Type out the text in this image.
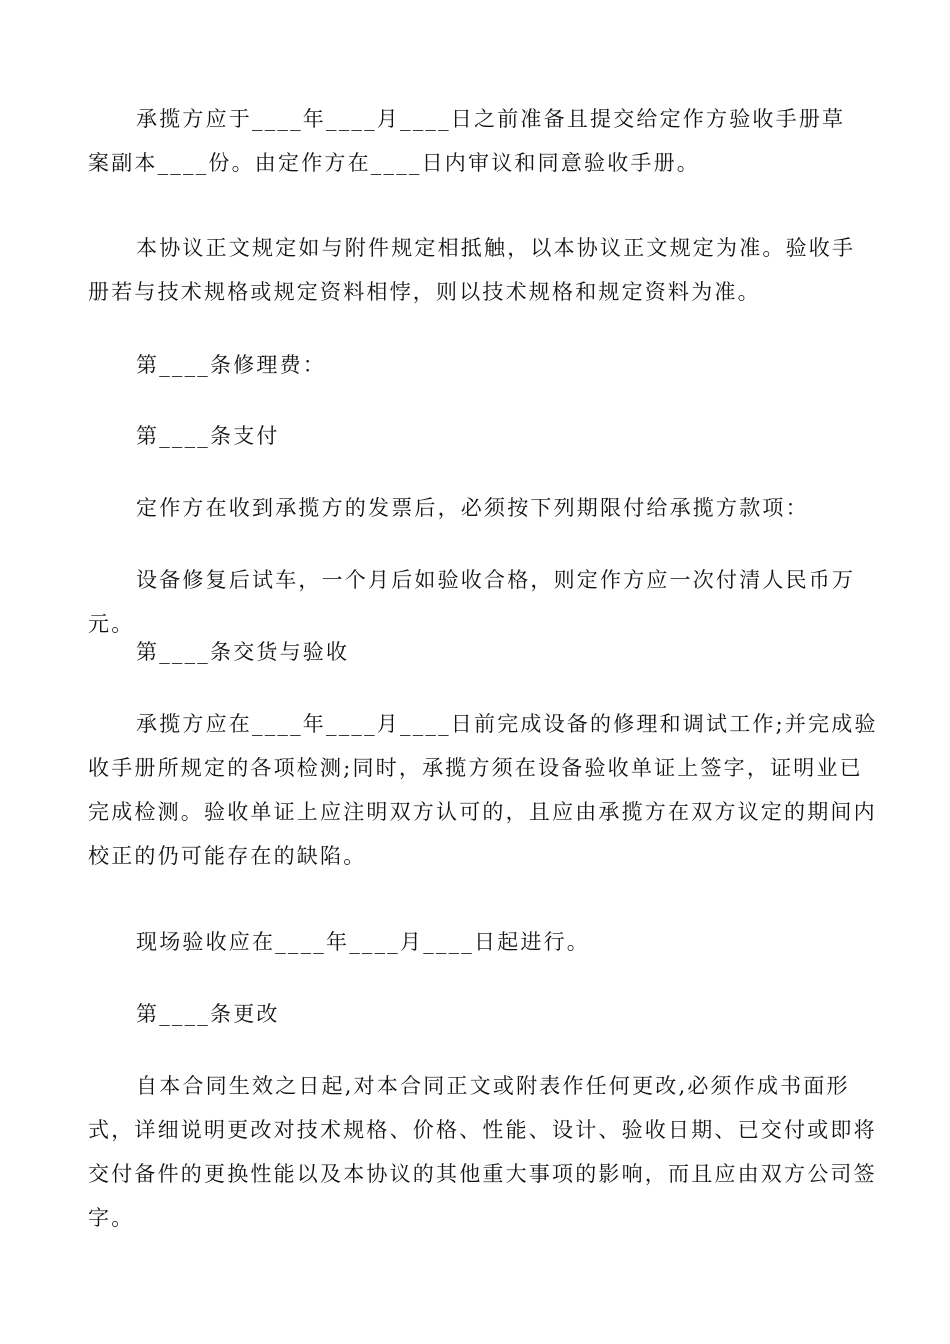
承揽方应于____年____月____日之前准备且提交给定作方验收手册草案副本____份。由定作方在____日内审议和同意验收手册。

本协议正文规定如与附件规定相抵触，以本协议正文规定为准。验收手册若与技术规格或规定资料相悖，则以技术规格和规定资料为准。

第____条修理费：

第____条支付

定作方在收到承揽方的发票后，必须按下列期限付给承揽方款项：

设备修复后试车，一个月后如验收合格，则定作方应一次付清人民币万元。

第____条交货与验收

承揽方应在____年____月____日前完成设备的修理和调试工作;并完成验收手册所规定的各项检测;同时，承揽方须在设备验收单证上签字，证明业已完成检测。验收单证上应注明双方认可的，且应由承揽方在双方议定的期间内校正的仍可能存在的缺陷。

现场验收应在____年____月____日起进行。

第____条更改

自本合同生效之日起,对本合同正文或附表作任何更改,必须作成书面形式，详细说明更改对技术规格、价格、性能、设计、验收日期、已交付或即将交付备件的更换性能以及本协议的其他重大事项的影响，而且应由双方公司签字。
